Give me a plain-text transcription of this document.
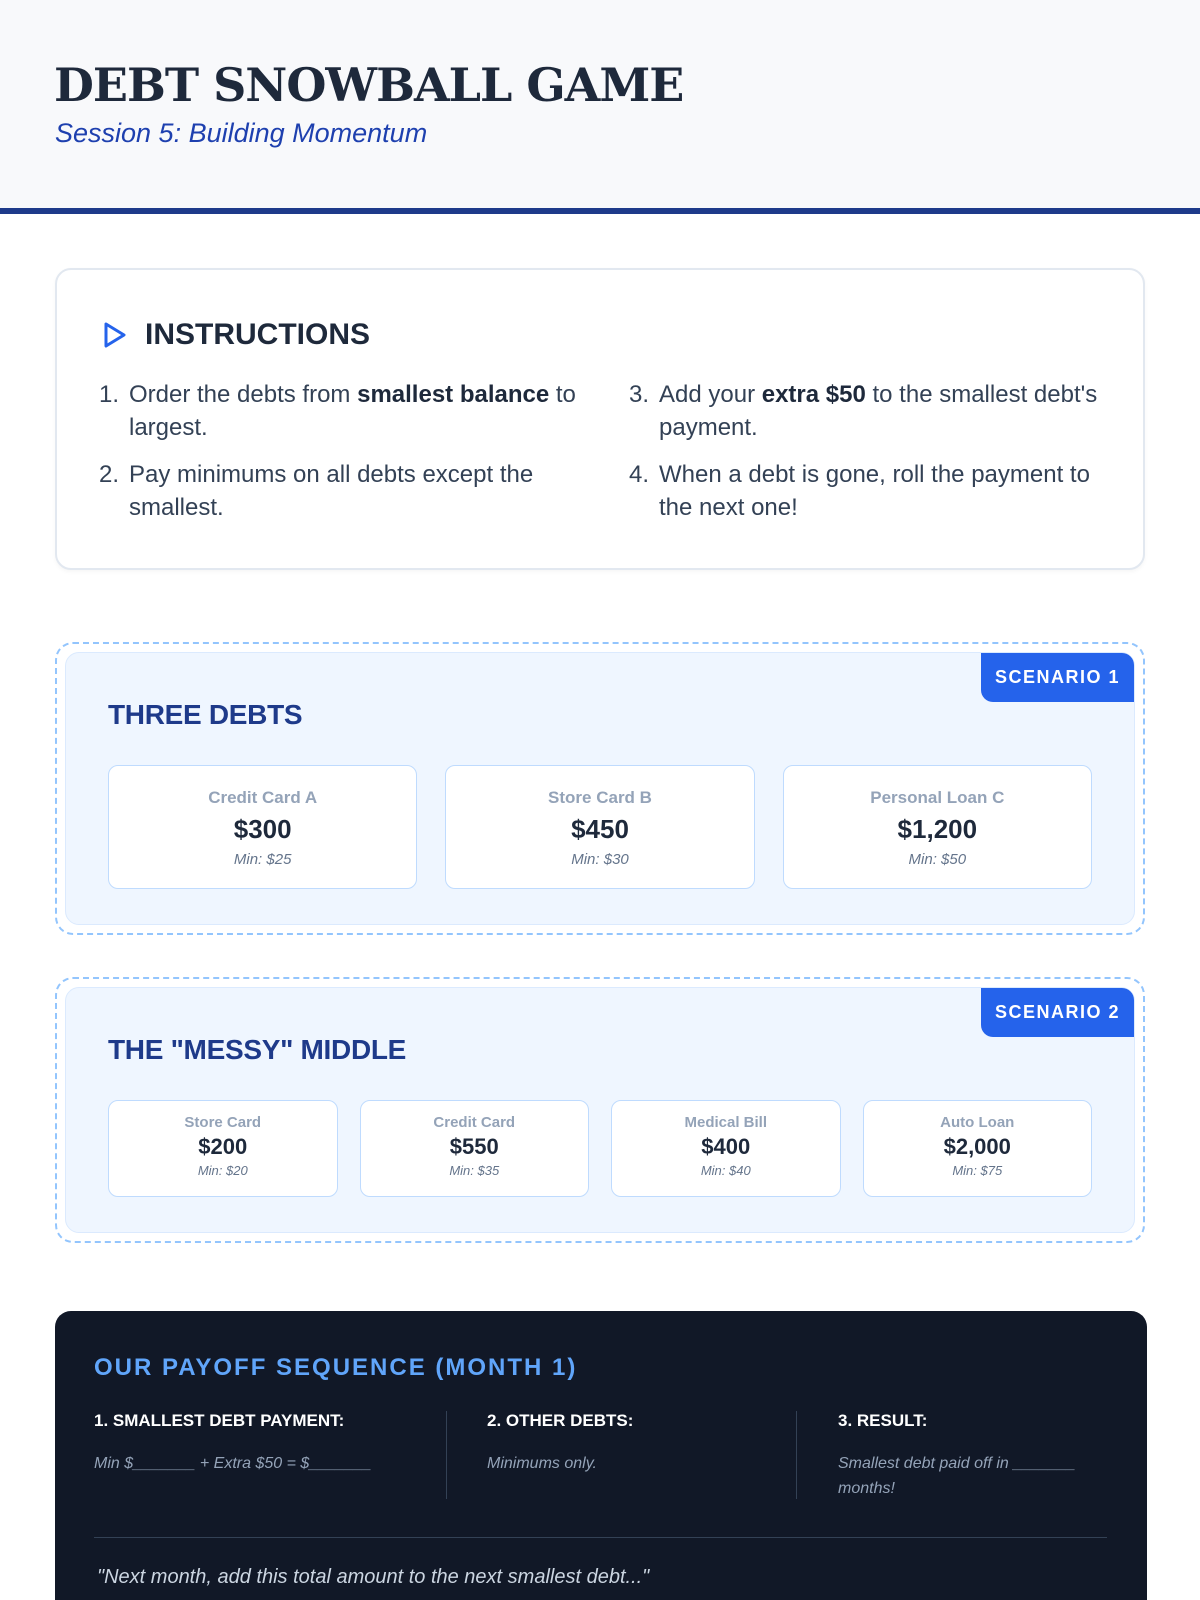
DEBT SNOWBALL GAME
Session 5: Building Momentum
INSTRUCTIONS
1. Order the debts from smallest balance to largest.
2. Pay minimums on all debts except the smallest.
3. Add your extra $50 to the smallest debt's payment.
4. When a debt is gone, roll the payment to the next one!
SCENARIO 1
THREE DEBTS
Credit Card A
$300
Min: $25
Store Card B
$450
Min: $30
Personal Loan C
$1,200
Min: $50
SCENARIO 2
THE "MESSY" MIDDLE
Store Card
$200
Min: $20
Credit Card
$550
Min: $35
Medical Bill
$400
Min: $40
Auto Loan
$2,000
Min: $75
OUR PAYOFF SEQUENCE (MONTH 1)
1. SMALLEST DEBT PAYMENT:
Min $_______ + Extra $50 = $_______
2. OTHER DEBTS:
Minimums only.
3. RESULT:
Smallest debt paid off in _______ months!
"Next month, add this total amount to the next smallest debt..."
